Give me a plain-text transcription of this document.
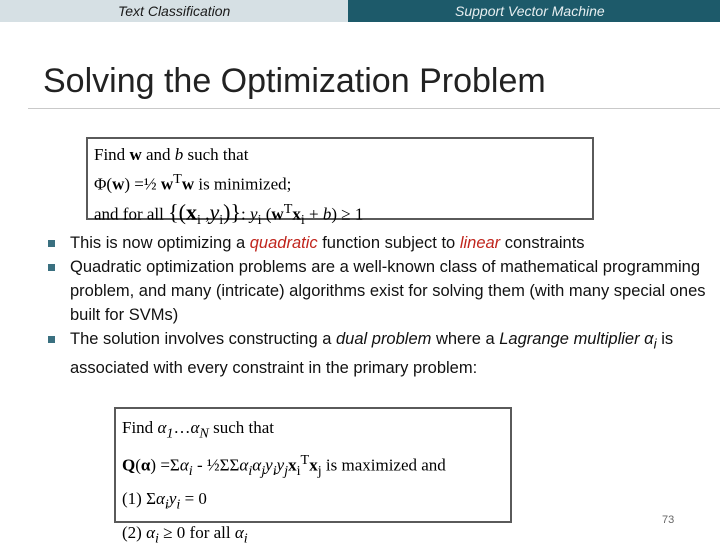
Text Classification	Support Vector Machine
Solving the Optimization Problem
Find w and b such that
Φ(w) =½ $w^Tw$ is minimized;
and for all {($x_i$ $,y_i$)}: $y_i$ $(w^Tx_i + b) \ge 1$

This is now optimizing a quadratic function subject to linear constraints

Quadratic optimization problems are a well-known class of mathematical programming problem, and many (intricate) algorithms exist for solving them (with many special ones built for SVMs)

The solution involves constructing a dual problem where a Lagrange multiplier $\alpha_i$ is associated with every constraint in the primary problem:

Find $\alpha_1\dots\alpha_N$ such that
$Q(\alpha) =\Sigma\alpha_i$ - $\frac{1}{2}\Sigma\Sigma\alpha_i\alpha_jy_iy_jx_i^Tx_j$ is maximized and
(1) $\Sigma\alpha_iy_i = 0$
(2) $\alpha_i \ge 0$ for all $\alpha_i$
73
